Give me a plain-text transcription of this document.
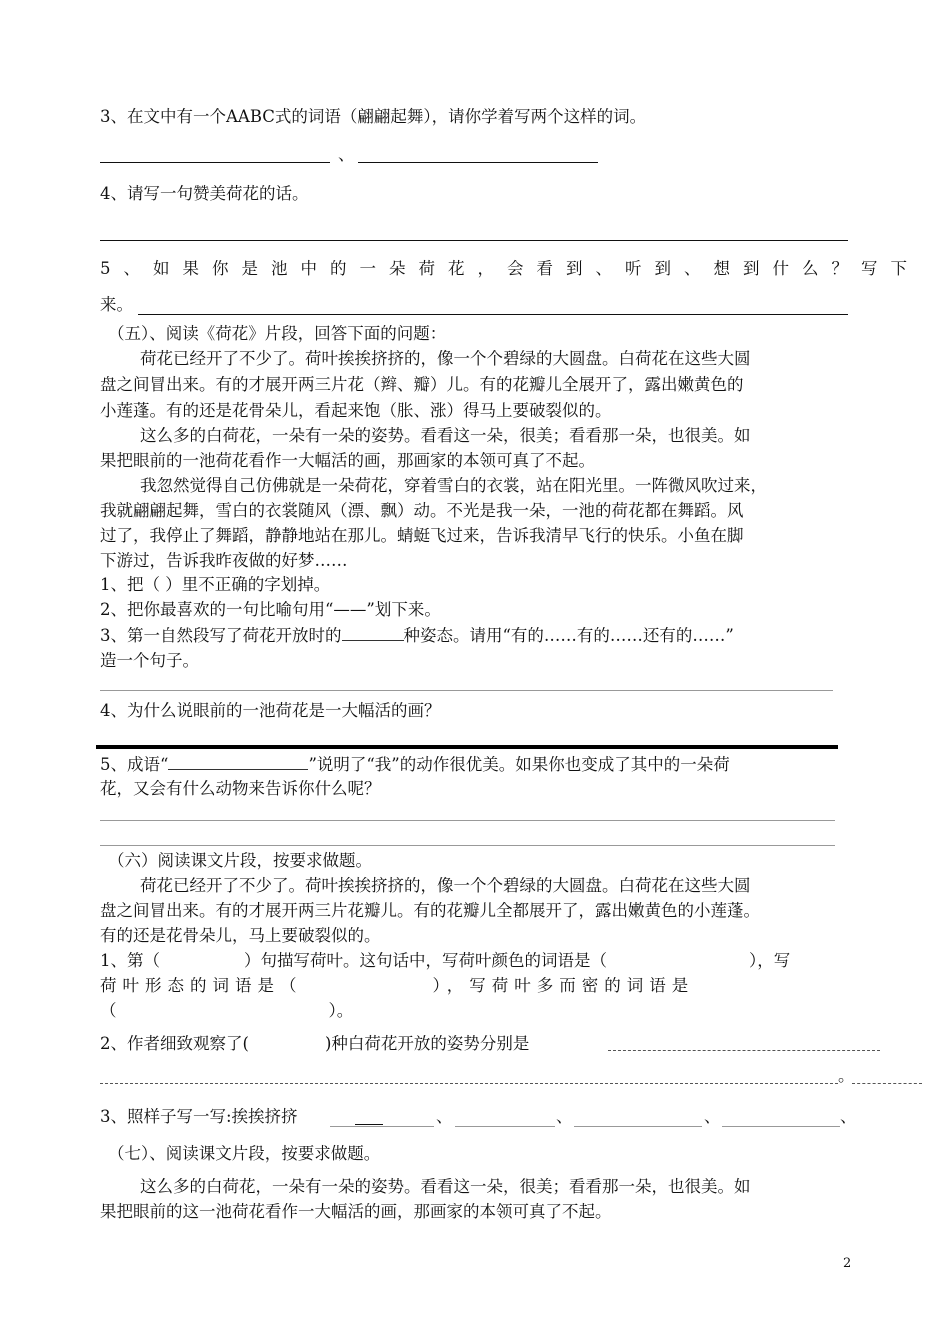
3、在文中有一个AABC式的词语（翩翩起舞），请你学着写两个这样的词。
、
4、请写一句赞美荷花的话。
5、如果你是池中的一朵荷花，会看到、听到、想到什么？写下
来。
（五）、阅读《荷花》片段，回答下面的问题：
荷花已经开了不少了。荷叶挨挨挤挤的，像一个个碧绿的大圆盘。白荷花在这些大圆
盘之间冒出来。有的才展开两三片花（辫、瓣）儿。有的花瓣儿全展开了，露出嫩黄色的
小莲蓬。有的还是花骨朵儿，看起来饱（胀、涨）得马上要破裂似的。
这么多的白荷花，一朵有一朵的姿势。看看这一朵，很美；看看那一朵，也很美。如
果把眼前的一池荷花看作一大幅活的画，那画家的本领可真了不起。
我忽然觉得自己仿佛就是一朵荷花，穿着雪白的衣裳，站在阳光里。一阵微风吹过来，
我就翩翩起舞，雪白的衣裳随风（漂、飘）动。不光是我一朵，一池的荷花都在舞蹈。风
过了，我停止了舞蹈，静静地站在那儿。蜻蜓飞过来，告诉我清早飞行的快乐。小鱼在脚
下游过，告诉我昨夜做的好梦……
1、把（ ）里不正确的字划掉。
2、把你最喜欢的一句比喻句用“——”划下来。
3、第一自然段写了荷花开放时的	种姿态。请用“有的……有的……还有的……”
造一个句子。
4、为什么说眼前的一池荷花是一大幅活的画？
5、成语“	”说明了“我”的动作很优美。如果你也变成了其中的一朵荷
花，又会有什么动物来告诉你什么呢？
（六）阅读课文片段，按要求做题。
荷花已经开了不少了。荷叶挨挨挤挤的，像一个个碧绿的大圆盘。白荷花在这些大圆
盘之间冒出来。有的才展开两三片花瓣儿。有的花瓣儿全都展开了，露出嫩黄色的小莲蓬。
有的还是花骨朵儿，马上要破裂似的。
1、第（	）句描写荷叶。这句话中，写荷叶颜色的词语是（	），写
荷叶形态的词语是（	），写荷叶多而密的词语是
（	）。
2、作者细致观察了(	)种白荷花开放的姿势分别是
。
3、照样子写一写:挨挨挤挤	、	、	、	、
（七）、阅读课文片段，按要求做题。
这么多的白荷花，一朵有一朵的姿势。看看这一朵，很美；看看那一朵，也很美。如
果把眼前的这一池荷花看作一大幅活的画，那画家的本领可真了不起。
2
